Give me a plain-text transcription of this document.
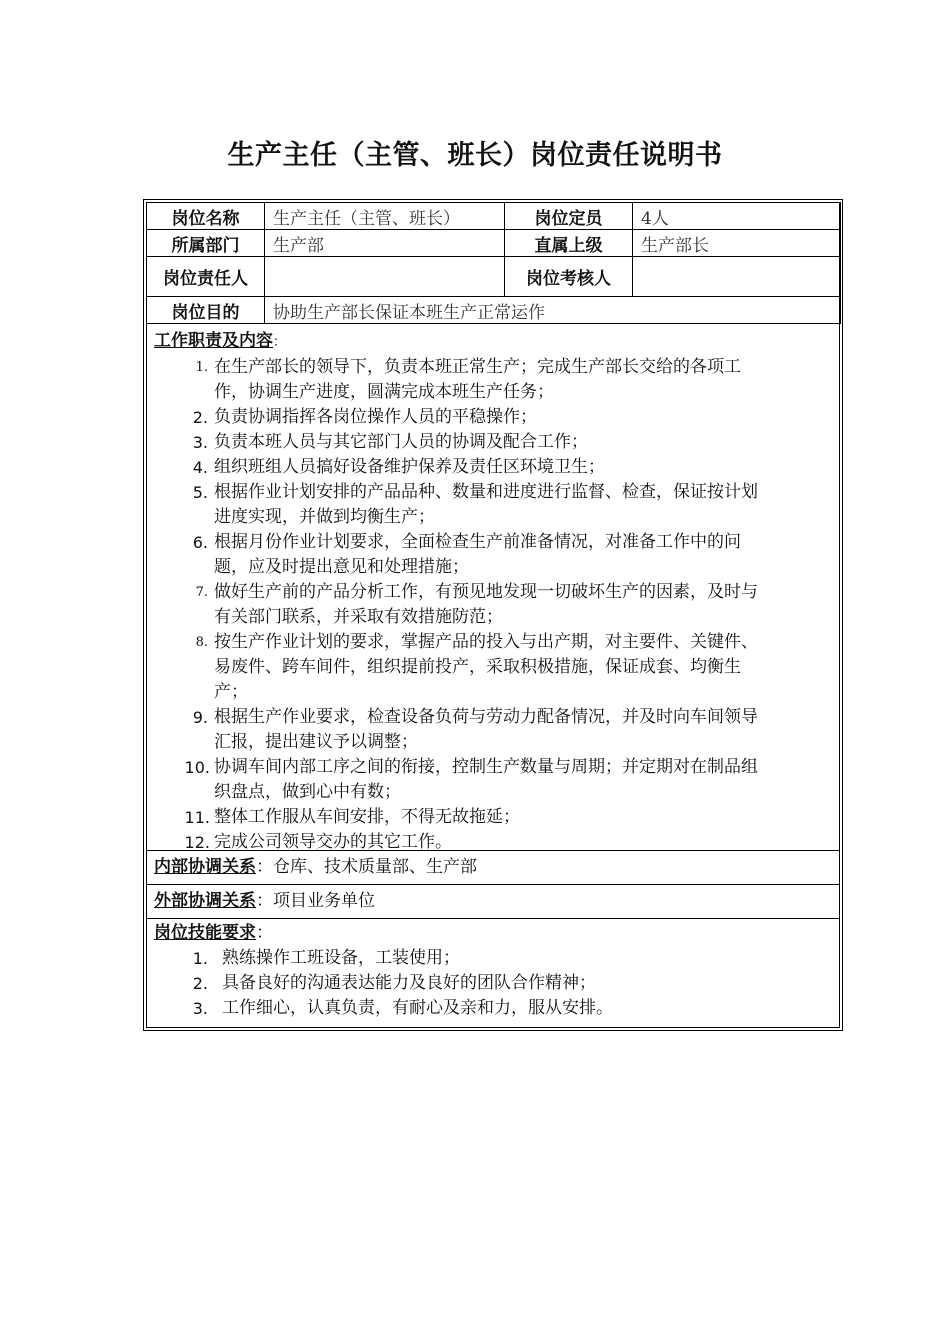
生产主任（主管、班长）岗位责任说明书
岗位名称	生产主任（主管、班长）	岗位定员	4人
所属部门	生产部	直属上级	生产部长
岗位责任人		岗位考核人	
岗位目的	协助生产部长保证本班生产正常运作		
工作职责及内容：
1. 在生产部长的领导下，负责本班正常生产；完成生产部长交给的各项工
作，协调生产进度，圆满完成本班生产任务；
2. 负责协调指挥各岗位操作人员的平稳操作；
3. 负责本班人员与其它部门人员的协调及配合工作；
4. 组织班组人员搞好设备维护保养及责任区环境卫生；
5. 根据作业计划安排的产品品种、数量和进度进行监督、检查，保证按计划
进度实现，并做到均衡生产；
6. 根据月份作业计划要求，全面检查生产前准备情况，对准备工作中的问
题，应及时提出意见和处理措施；
7. 做好生产前的产品分析工作，有预见地发现一切破坏生产的因素，及时与
有关部门联系，并采取有效措施防范；
8. 按生产作业计划的要求，掌握产品的投入与出产期，对主要件、关键件、
易废件、跨车间件，组织提前投产，采取积极措施，保证成套、均衡生
产；
9. 根据生产作业要求，检查设备负荷与劳动力配备情况，并及时向车间领导
汇报，提出建议予以调整；
10. 协调车间内部工序之间的衔接，控制生产数量与周期；并定期对在制品组
织盘点，做到心中有数；
11. 整体工作服从车间安排，不得无故拖延；
12. 完成公司领导交办的其它工作。
内部协调关系：仓库、技术质量部、生产部
外部协调关系：项目业务单位
岗位技能要求：
1. 熟练操作工班设备，工装使用；
2. 具备良好的沟通表达能力及良好的团队合作精神；
3. 工作细心，认真负责，有耐心及亲和力，服从安排。
